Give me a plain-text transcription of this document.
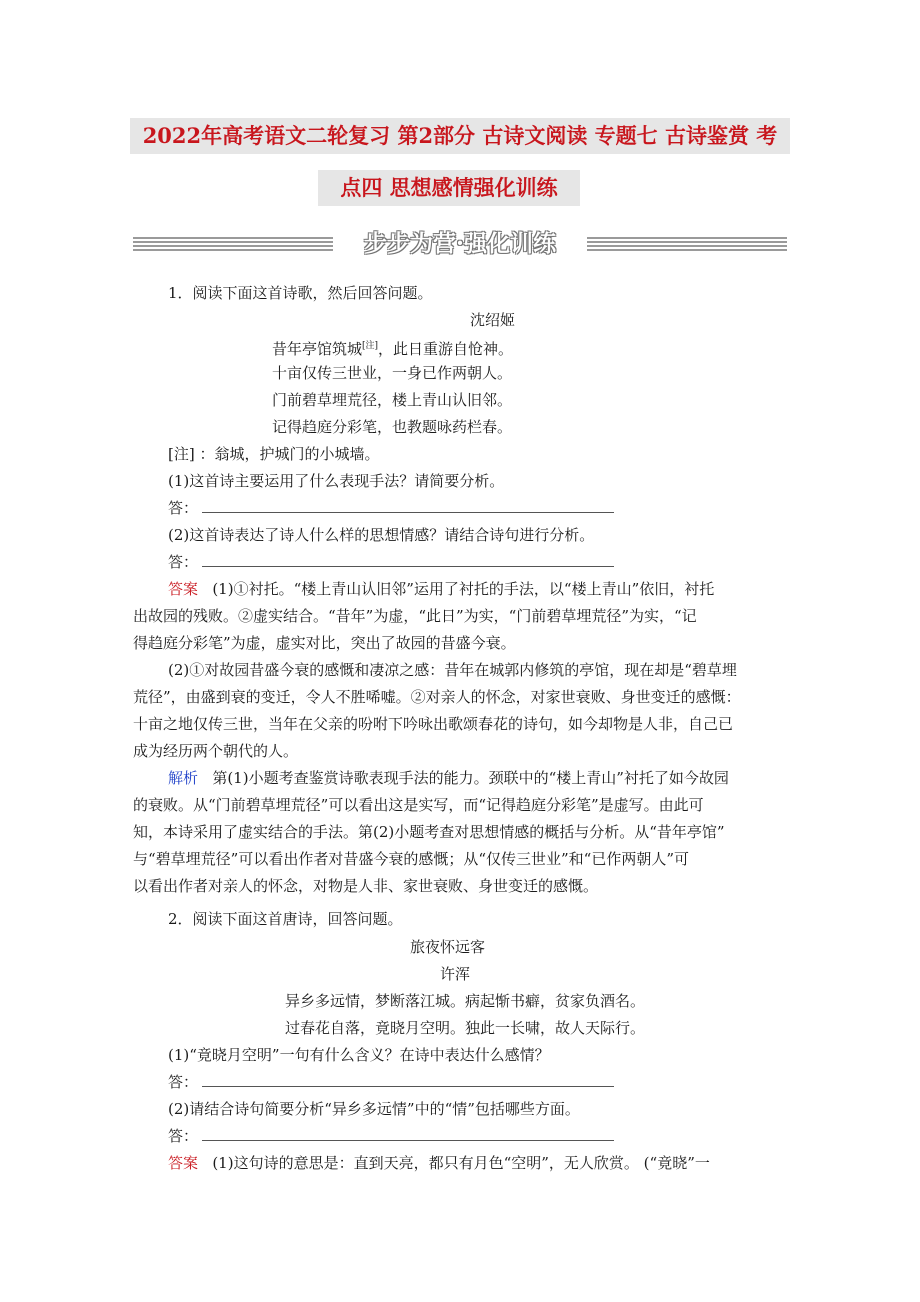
2022年高考语文二轮复习 第2部分 古诗文阅读 专题七 古诗鉴赏 考
点四 思想感情强化训练
步步为营·强化训练
1．阅读下面这首诗歌，然后回答问题。
沈绍姬
昔年亭馆筑城[注]，此日重游自怆神。
十亩仅传三世业，一身已作两朝人。
门前碧草埋荒径，楼上青山认旧邻。
记得趋庭分彩笔，也教题咏药栏春。
[注] ：翁城，护城门的小城墙。
(1)这首诗主要运用了什么表现手法？请简要分析。
答：
(2)这首诗表达了诗人什么样的思想情感？请结合诗句进行分析。
答：
答案 (1)①衬托。“楼上青山认旧邻”运用了衬托的手法，以“楼上青山”依旧，衬托
出故园的残败。②虚实结合。“昔年”为虚，“此日”为实，“门前碧草埋荒径”为实，“记
得趋庭分彩笔”为虚，虚实对比，突出了故园的昔盛今衰。
(2)①对故园昔盛今衰的感慨和凄凉之感：昔年在城郭内修筑的亭馆，现在却是“碧草埋
荒径”，由盛到衰的变迁，令人不胜唏嘘。②对亲人的怀念，对家世衰败、身世变迁的感慨：
十亩之地仅传三世，当年在父亲的吩咐下吟咏出歌颂春花的诗句，如今却物是人非，自己已
成为经历两个朝代的人。
解析 第(1)小题考查鉴赏诗歌表现手法的能力。颈联中的“楼上青山”衬托了如今故园
的衰败。从“门前碧草埋荒径”可以看出这是实写，而“记得趋庭分彩笔”是虚写。由此可
知，本诗采用了虚实结合的手法。第(2)小题考查对思想情感的概括与分析。从“昔年亭馆”
与“碧草埋荒径”可以看出作者对昔盛今衰的感慨；从“仅传三世业”和“已作两朝人”可
以看出作者对亲人的怀念，对物是人非、家世衰败、身世变迁的感慨。
2．阅读下面这首唐诗，回答问题。
旅夜怀远客
许浑
异乡多远情，梦断落江城。病起惭书癖，贫家负酒名。
过春花自落，竟晓月空明。独此一长啸，故人天际行。
(1)“竟晓月空明”一句有什么含义？在诗中表达什么感情？
答：
(2)请结合诗句简要分析“异乡多远情”中的“情”包括哪些方面。
答：
答案 (1)这句诗的意思是：直到天亮，都只有月色“空明”，无人欣赏。 (“竟晓”一
